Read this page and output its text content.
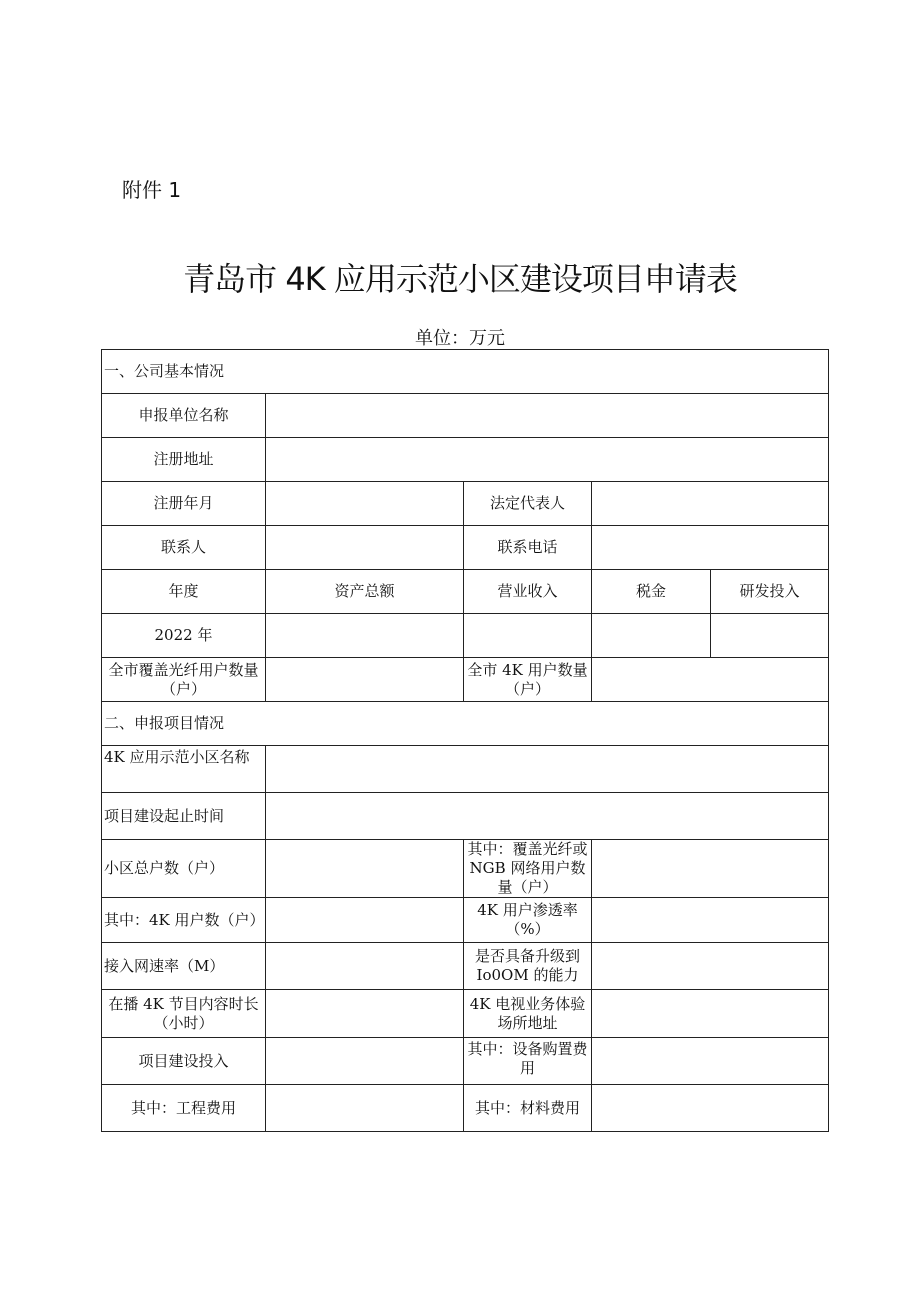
附件 1
青岛市 4K 应用示范小区建设项目申请表
单位：万元
一、公司基本情况				
申报单位名称				
注册地址				
注册年月		法定代表人		
联系人		联系电话		
年度	资产总额	营业收入	税金	研发投入
2022 年				
全市覆盖光纤用户数量（户）		全市 4K 用户数量（户）		
二、申报项目情况				
4K 应用示范小区名称				
项目建设起止时间				
小区总户数（户）		其中：覆盖光纤或 NGB 网络用户数量（户）		
其中：4K 用户数（户）		4K 用户渗透率（%）		
接入网速率（M）		是否具备升级到 Io0OM 的能力		
在播 4K 节目内容时长（小时）		4K 电视业务体验场所地址		
项目建设投入		其中：设备购置费用		
其中：工程费用		其中：材料费用		
